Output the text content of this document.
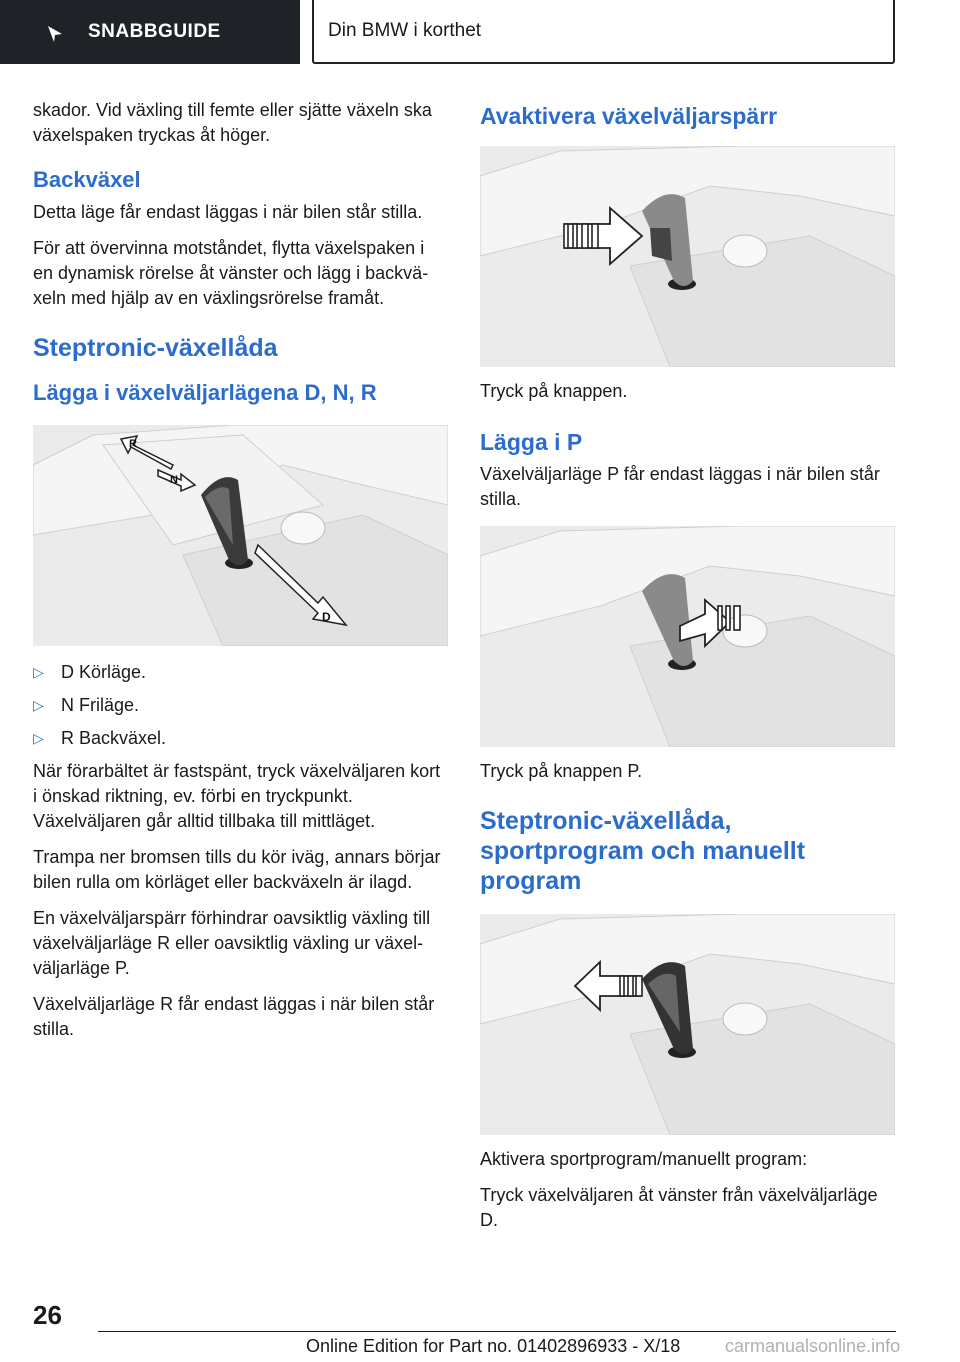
SNABBGUIDE	Din BMW i korthet

skador. Vid växling till femte eller sjätte växeln ska växelspaken tryckas åt höger.

Backväxel

Detta läge får endast läggas i när bilen står stilla.

För att övervinna motståndet, flytta växelspaken i en dynamisk rörelse åt vänster och lägg i backväxeln med hjälp av en växlingsrörelse framåt.

Steptronic-växellåda
Lägga i växelväljarlägena D, N, R
R
N
D
▷ D Körläge.
▷ N Friläge.
▷ R Backväxel.

När förarbältet är fastspänt, tryck växelväljaren kort i önskad riktning, ev. förbi en tryckpunkt. Växelväljaren går alltid tillbaka till mittläget.

Trampa ner bromsen tills du kör iväg, annars börjar bilen rulla om körläget eller backväxeln är ilagd.

En växelväljarspärr förhindrar oavsiktlig växling till växelväljarläge R eller oavsiktlig växling ur växelväljarläge P.

Växelväljarläge R får endast läggas i när bilen står stilla.

Avaktivera växelväljarspärr

Tryck på knappen.

Lägga i P

Växelväljarläge P får endast läggas i när bilen står stilla.

Tryck på knappen P.

Steptronic-växellåda, sportprogram och manuellt program

Aktivera sportprogram/manuellt program:

Tryck växelväljaren åt vänster från växelväljarläge D.

26
Online Edition for Part no. 01402896933 - X/18 carmanualsonline.info
